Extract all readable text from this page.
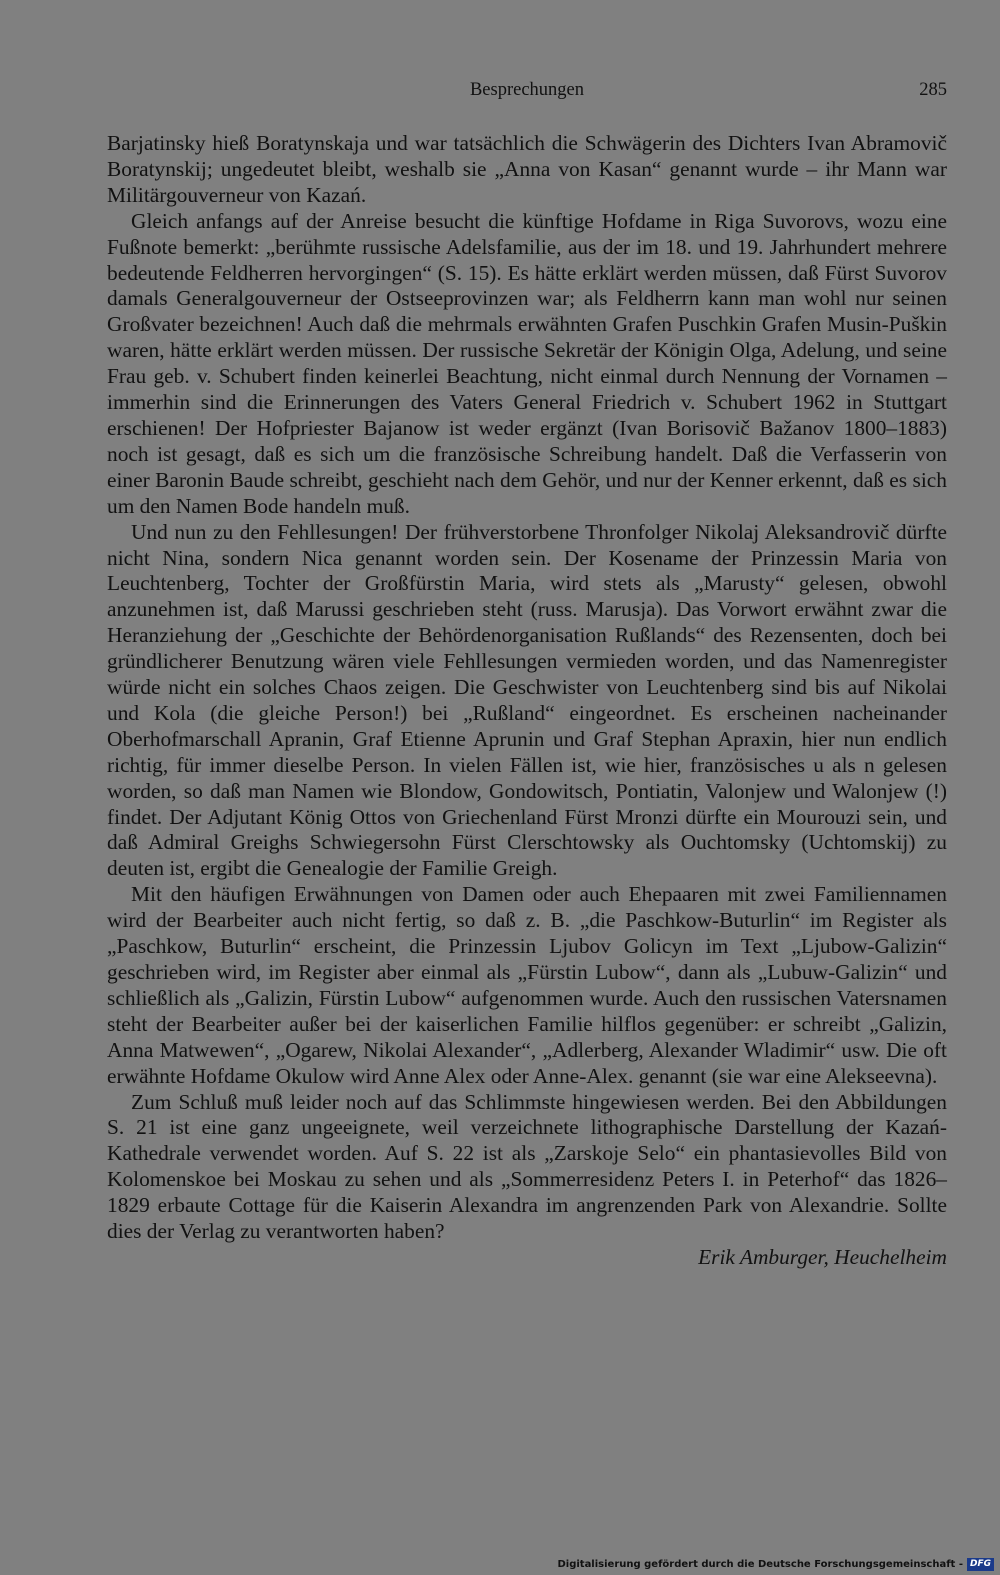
Besprechungen	285

Barjatinsky hieß Boratynskaja und war tatsächlich die Schwägerin des Dichters Ivan Abramovič Boratynskij; ungedeutet bleibt, weshalb sie „Anna von Kasan“ genannt wurde – ihr Mann war Militärgouverneur von Kazań.

Gleich anfangs auf der Anreise besucht die künftige Hofdame in Riga Suvorovs, wozu eine Fußnote bemerkt: „berühmte russische Adelsfamilie, aus der im 18. und 19. Jahrhundert mehrere bedeutende Feldherren hervorgingen“ (S. 15). Es hätte erklärt werden müssen, daß Fürst Suvorov damals Generalgouverneur der Ostseeprovinzen war; als Feldherrn kann man wohl nur seinen Großvater bezeichnen! Auch daß die mehrmals erwähnten Grafen Puschkin Grafen Musin-Puškin waren, hätte erklärt werden müssen. Der russische Sekretär der Königin Olga, Adelung, und seine Frau geb. v. Schubert finden keinerlei Beachtung, nicht einmal durch Nennung der Vornamen – immerhin sind die Erinnerungen des Vaters General Friedrich v. Schubert 1962 in Stuttgart erschienen! Der Hofpriester Bajanow ist weder ergänzt (Ivan Borisovič Bažanov 1800–1883) noch ist gesagt, daß es sich um die französische Schreibung handelt. Daß die Verfasserin von einer Baronin Baude schreibt, geschieht nach dem Gehör, und nur der Kenner erkennt, daß es sich um den Namen Bode handeln muß.

Und nun zu den Fehllesungen! Der frühverstorbene Thronfolger Nikolaj Aleksandrovič dürfte nicht Nina, sondern Nica genannt worden sein. Der Kosename der Prinzessin Maria von Leuchtenberg, Tochter der Großfürstin Maria, wird stets als „Marusty“ gelesen, obwohl anzunehmen ist, daß Marussi geschrieben steht (russ. Marusja). Das Vorwort erwähnt zwar die Heranziehung der „Geschichte der Behördenorganisation Rußlands“ des Rezensenten, doch bei gründlicherer Benutzung wären viele Fehllesungen vermieden worden, und das Namenregister würde nicht ein solches Chaos zeigen. Die Geschwister von Leuchtenberg sind bis auf Nikolai und Kola (die gleiche Person!) bei „Rußland“ eingeordnet. Es erscheinen nacheinander Oberhofmarschall Apranin, Graf Etienne Aprunin und Graf Stephan Apraxin, hier nun endlich richtig, für immer dieselbe Person. In vielen Fällen ist, wie hier, französisches u als n gelesen worden, so daß man Namen wie Blondow, Gondowitsch, Pontiatin, Valonjew und Walonjew (!) findet. Der Adjutant König Ottos von Griechenland Fürst Mronzi dürfte ein Mourouzi sein, und daß Admiral Greighs Schwiegersohn Fürst Clerschtowsky als Ouchtomsky (Uchtomskij) zu deuten ist, ergibt die Genealogie der Familie Greigh.

Mit den häufigen Erwähnungen von Damen oder auch Ehepaaren mit zwei Familiennamen wird der Bearbeiter auch nicht fertig, so daß z. B. „die Paschkow-Buturlin“ im Register als „Paschkow, Buturlin“ erscheint, die Prinzessin Ljubov Golicyn im Text „Ljubow-Galizin“ geschrieben wird, im Register aber einmal als „Fürstin Lubow“, dann als „Lubuw-Galizin“ und schließlich als „Galizin, Fürstin Lubow“ aufgenommen wurde. Auch den russischen Vatersnamen steht der Bearbeiter außer bei der kaiserlichen Familie hilflos gegenüber: er schreibt „Galizin, Anna Matwewen“, „Ogarew, Nikolai Alexander“, „Adlerberg, Alexander Wladimir“ usw. Die oft erwähnte Hofdame Okulow wird Anne Alex oder Anne-Alex. genannt (sie war eine Alekseevna).

Zum Schluß muß leider noch auf das Schlimmste hingewiesen werden. Bei den Abbildungen S. 21 ist eine ganz ungeeignete, weil verzeichnete lithographische Darstellung der Kazań-Kathedrale verwendet worden. Auf S. 22 ist als „Zarskoje Selo“ ein phantasievolles Bild von Kolomenskoe bei Moskau zu sehen und als „Sommerresidenz Peters I. in Peterhof“ das 1826–1829 erbaute Cottage für die Kaiserin Alexandra im angrenzenden Park von Alexandrie. Sollte dies der Verlag zu verantworten haben?

Erik Amburger, Heuchelheim
Digitalisierung gefördert durch die Deutsche Forschungsgemeinschaft - DFG
